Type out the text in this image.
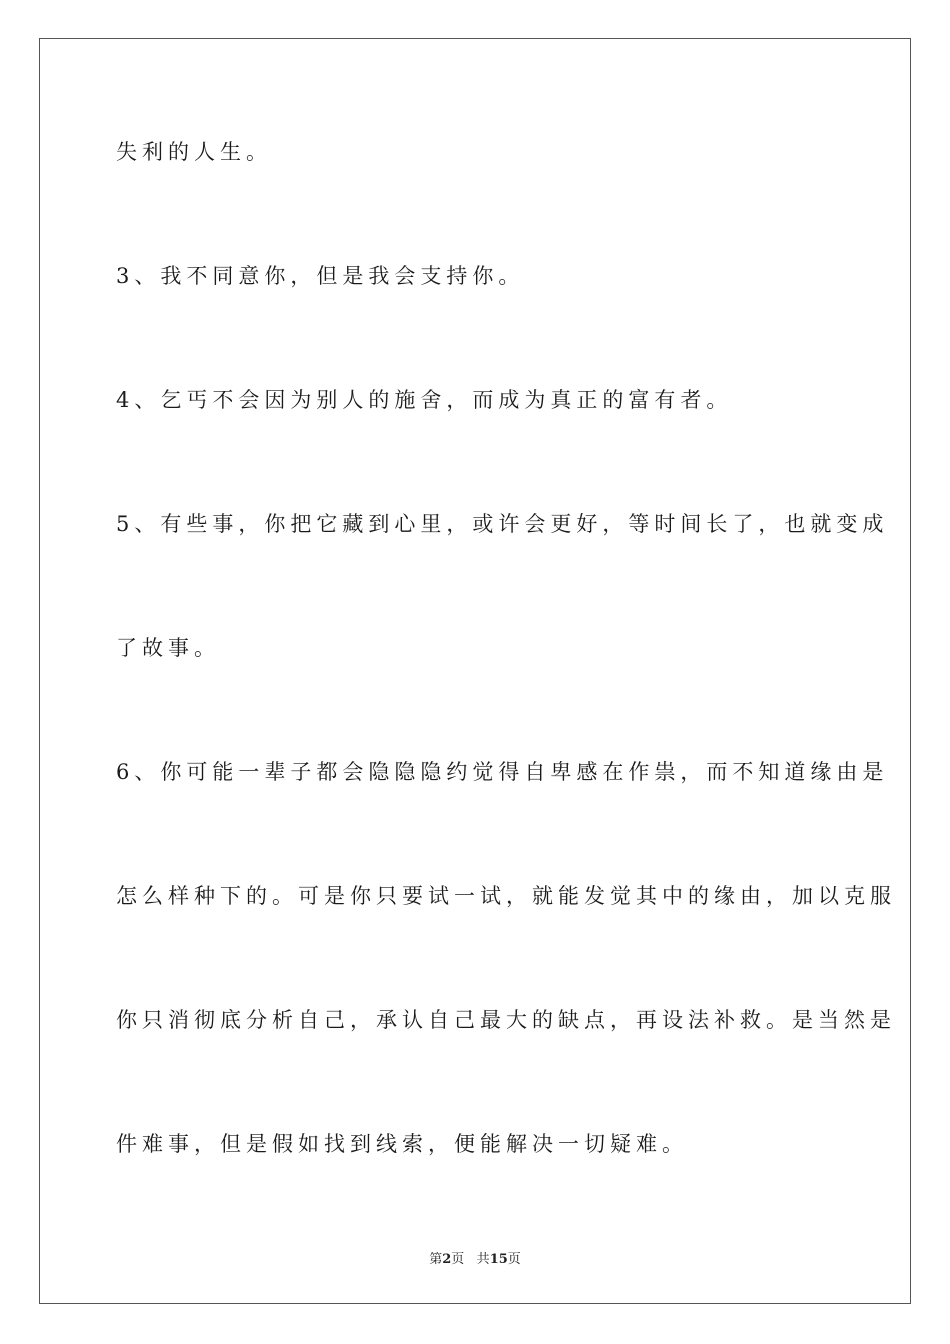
失利的人生。
3、我不同意你，但是我会支持你。
4、乞丐不会因为别人的施舍，而成为真正的富有者。
5、有些事，你把它藏到心里，或许会更好，等时间长了，也就变成
了故事。
6、你可能一辈子都会隐隐隐约觉得自卑感在作祟，而不知道缘由是
怎么样种下的。可是你只要试一试，就能发觉其中的缘由，加以克服
你只消彻底分析自己，承认自己最大的缺点，再设法补救。是当然是
件难事，但是假如找到线索，便能解决一切疑难。
第2页 共15页
